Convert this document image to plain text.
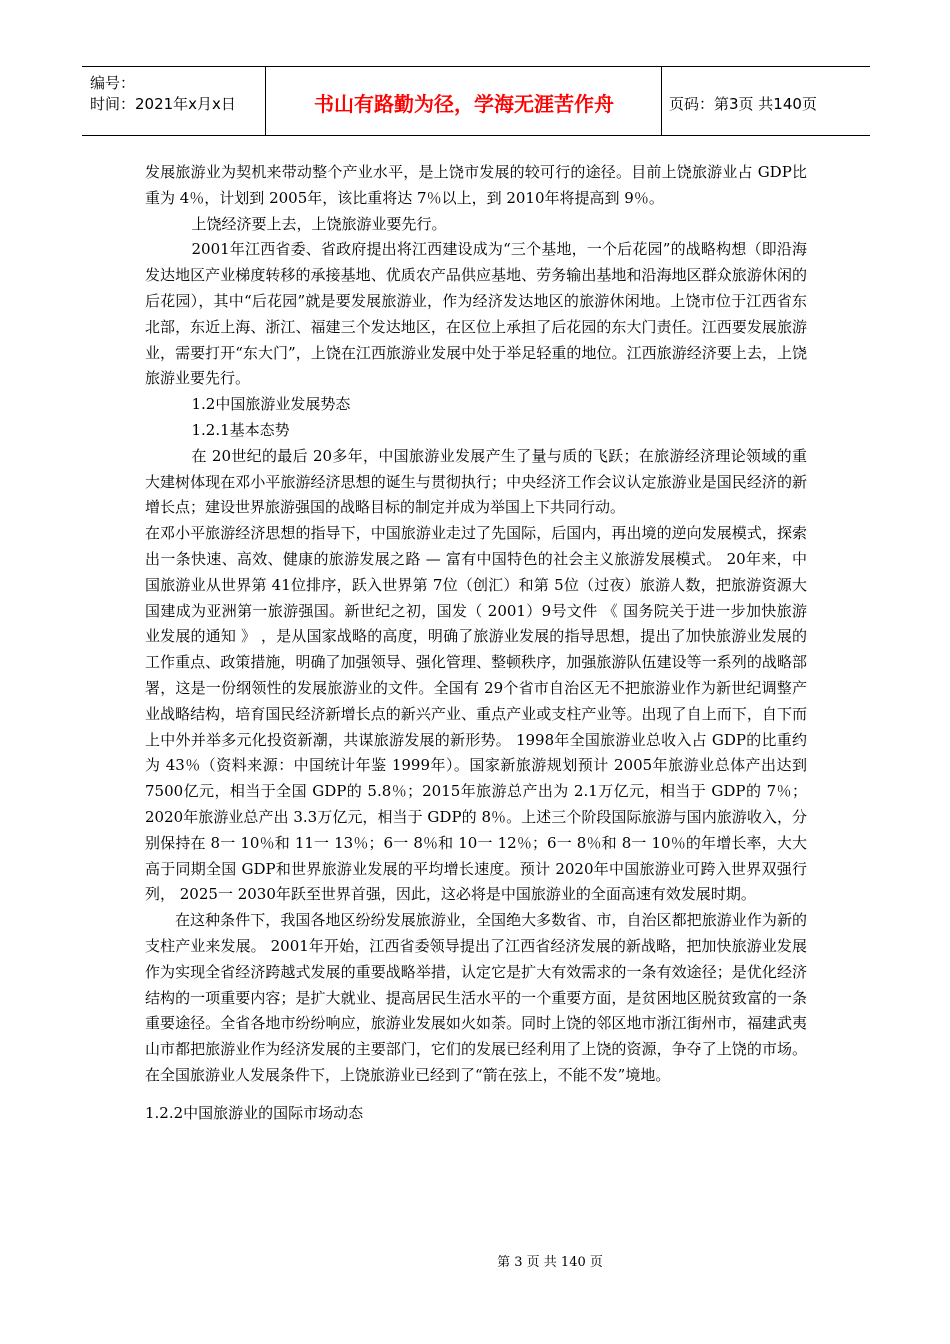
编号：
时间：2021年x月x日	书山有路勤为径，学海无涯苦作舟	页码：第3页 共140页

发展旅游业为契机来带动整个产业水平，是上饶市发展的较可行的途径。目前上饶旅游业占 GDP比重为 4％，计划到 2005年，该比重将达 7％以上，到 2010年将提高到 9％。

上饶经济要上去，上饶旅游业要先行。

2001年江西省委、省政府提出将江西建设成为“三个基地，一个后花园”的战略构想（即沿海发达地区产业梯度转移的承接基地、优质农产品供应基地、劳务输出基地和沿海地区群众旅游休闲的后花园），其中“后花园”就是要发展旅游业，作为经济发达地区的旅游休闲地。上饶市位于江西省东北部，东近上海、浙江、福建三个发达地区，在区位上承担了后花园的东大门责任。江西要发展旅游业，需要打开“东大门”，上饶在江西旅游业发展中处于举足轻重的地位。江西旅游经济要上去，上饶旅游业要先行。

1.2中国旅游业发展势态

1.2.1基本态势

在 20世纪的最后 20多年，中国旅游业发展产生了量与质的飞跃；在旅游经济理论领域的重大建树体现在邓小平旅游经济思想的诞生与贯彻执行；中央经济工作会议认定旅游业是国民经济的新增长点；建设世界旅游强国的战略目标的制定并成为举国上下共同行动。

在邓小平旅游经济思想的指导下，中国旅游业走过了先国际，后国内，再出境的逆向发展模式，探索出一条快速、高效、健康的旅游发展之路 — 富有中国特色的社会主义旅游发展模式。 20年来，中国旅游业从世界第 41位排序，跃入世界第 7位（创汇）和第 5位（过夜）旅游人数，把旅游资源大国建成为亚洲第一旅游强国。新世纪之初，国发（ 2001）9号文件 《 国务院关于进一步加快旅游业发展的通知 》 ，是从国家战略的高度，明确了旅游业发展的指导思想，提出了加快旅游业发展的工作重点、政策措施，明确了加强领导、强化管理、整顿秩序，加强旅游队伍建设等一系列的战略部署，这是一份纲领性的发展旅游业的文件。全国有 29个省市自治区无不把旅游业作为新世纪调整产业战略结构，培育国民经济新增长点的新兴产业、重点产业或支柱产业等。出现了自上而下，自下而上中外并举多元化投资新潮，共谋旅游发展的新形势。 1998年全国旅游业总收入占 GDP的比重约为 43％（资料来源：中国统计年鉴 1999年）。国家新旅游规划预计 2005年旅游业总体产出达到 7500亿元，相当于全国 GDP的 5.8％；2015年旅游总产出为 2.1万亿元，相当于 GDP的 7％；2020年旅游业总产出 3.3万亿元，相当于 GDP的 8％。上述三个阶段国际旅游与国内旅游收入，分别保持在 8一 10％和 11一 13％；6一 8％和 10一 12％；6一 8％和 8一 10％的年增长率，大大高于同期全国 GDP和世界旅游业发展的平均增长速度。预计 2020年中国旅游业可跨入世界双强行列， 2025一 2030年跃至世界首强，因此，这必将是中国旅游业的全面高速有效发展时期。

在这种条件下，我国各地区纷纷发展旅游业，全国绝大多数省、市，自治区都把旅游业作为新的支柱产业来发展。 2001年开始，江西省委领导提出了江西省经济发展的新战略，把加快旅游业发展作为实现全省经济跨越式发展的重要战略举措，认定它是扩大有效需求的一条有效途径；是优化经济结构的一项重要内容；是扩大就业、提高居民生活水平的一个重要方面，是贫困地区脱贫致富的一条重要途径。全省各地市纷纷响应，旅游业发展如火如荼。同时上饶的邻区地市浙江街州市，福建武夷山市都把旅游业作为经济发展的主要部门，它们的发展已经利用了上饶的资源，争夺了上饶的市场。在全国旅游业人发展条件下，上饶旅游业已经到了“箭在弦上，不能不发”境地。

1.2.2中国旅游业的国际市场动态

第 3 页 共 140 页
